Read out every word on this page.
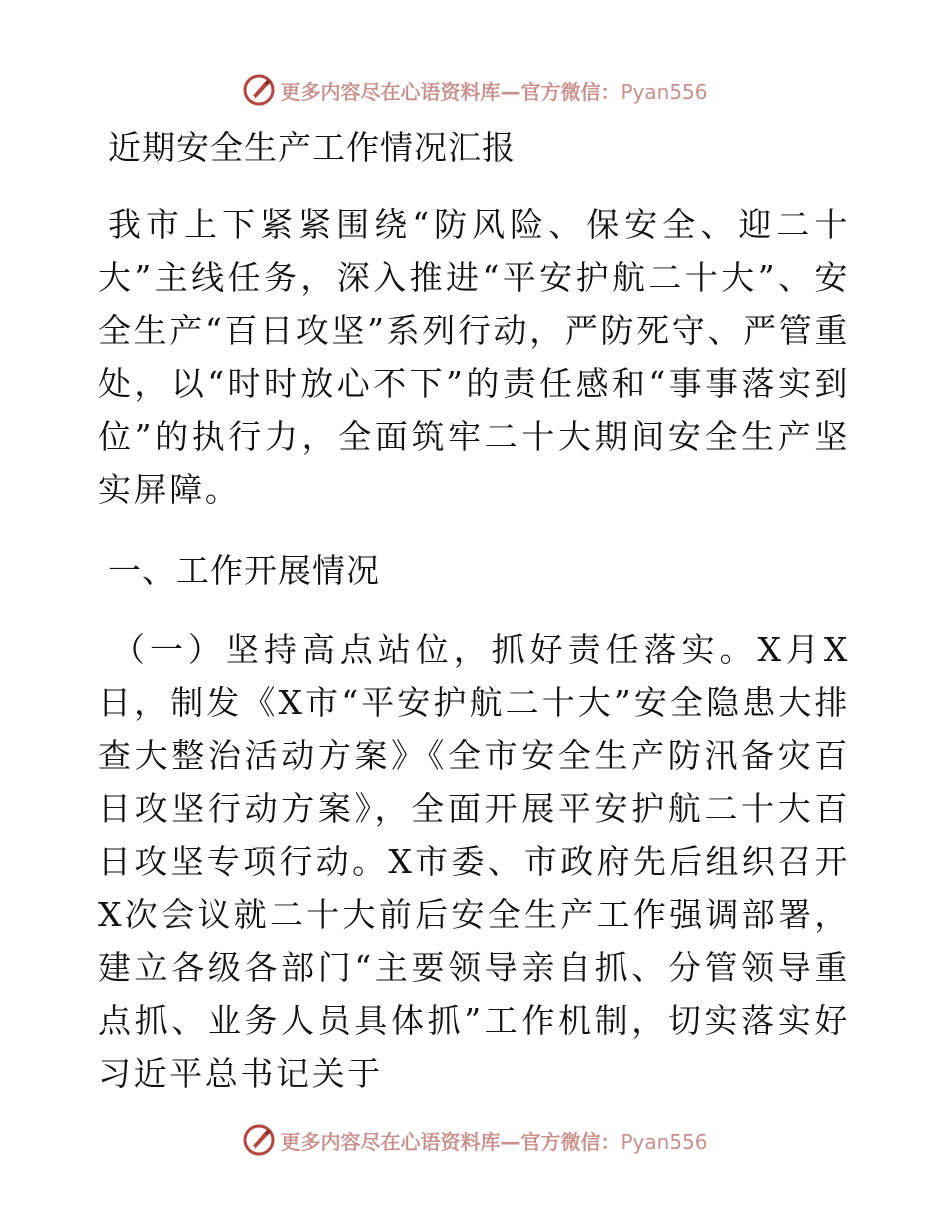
更多内容尽在心语资料库—官方微信：Pyan556
近期安全生产工作情况汇报

我市上下紧紧围绕“防风险、保安全、迎二十大”主线任务，深入推进“平安护航二十大”、安全生产“百日攻坚”系列行动，严防死守、严管重处，以“时时放心不下”的责任感和“事事落实到位”的执行力，全面筑牢二十大期间安全生产坚实屏障。

一、工作开展情况

（一）坚持高点站位，抓好责任落实。X月X日，制发《X市“平安护航二十大”安全隐患大排查大整治活动方案》《全市安全生产防汛备灾百日攻坚行动方案》，全面开展平安护航二十大百日攻坚专项行动。X市委、市政府先后组织召开X次会议就二十大前后安全生产工作强调部署，建立各级各部门“主要领导亲自抓、分管领导重点抓、业务人员具体抓”工作机制，切实落实好习近平总书记关于

更多内容尽在心语资料库—官方微信：Pyan556
